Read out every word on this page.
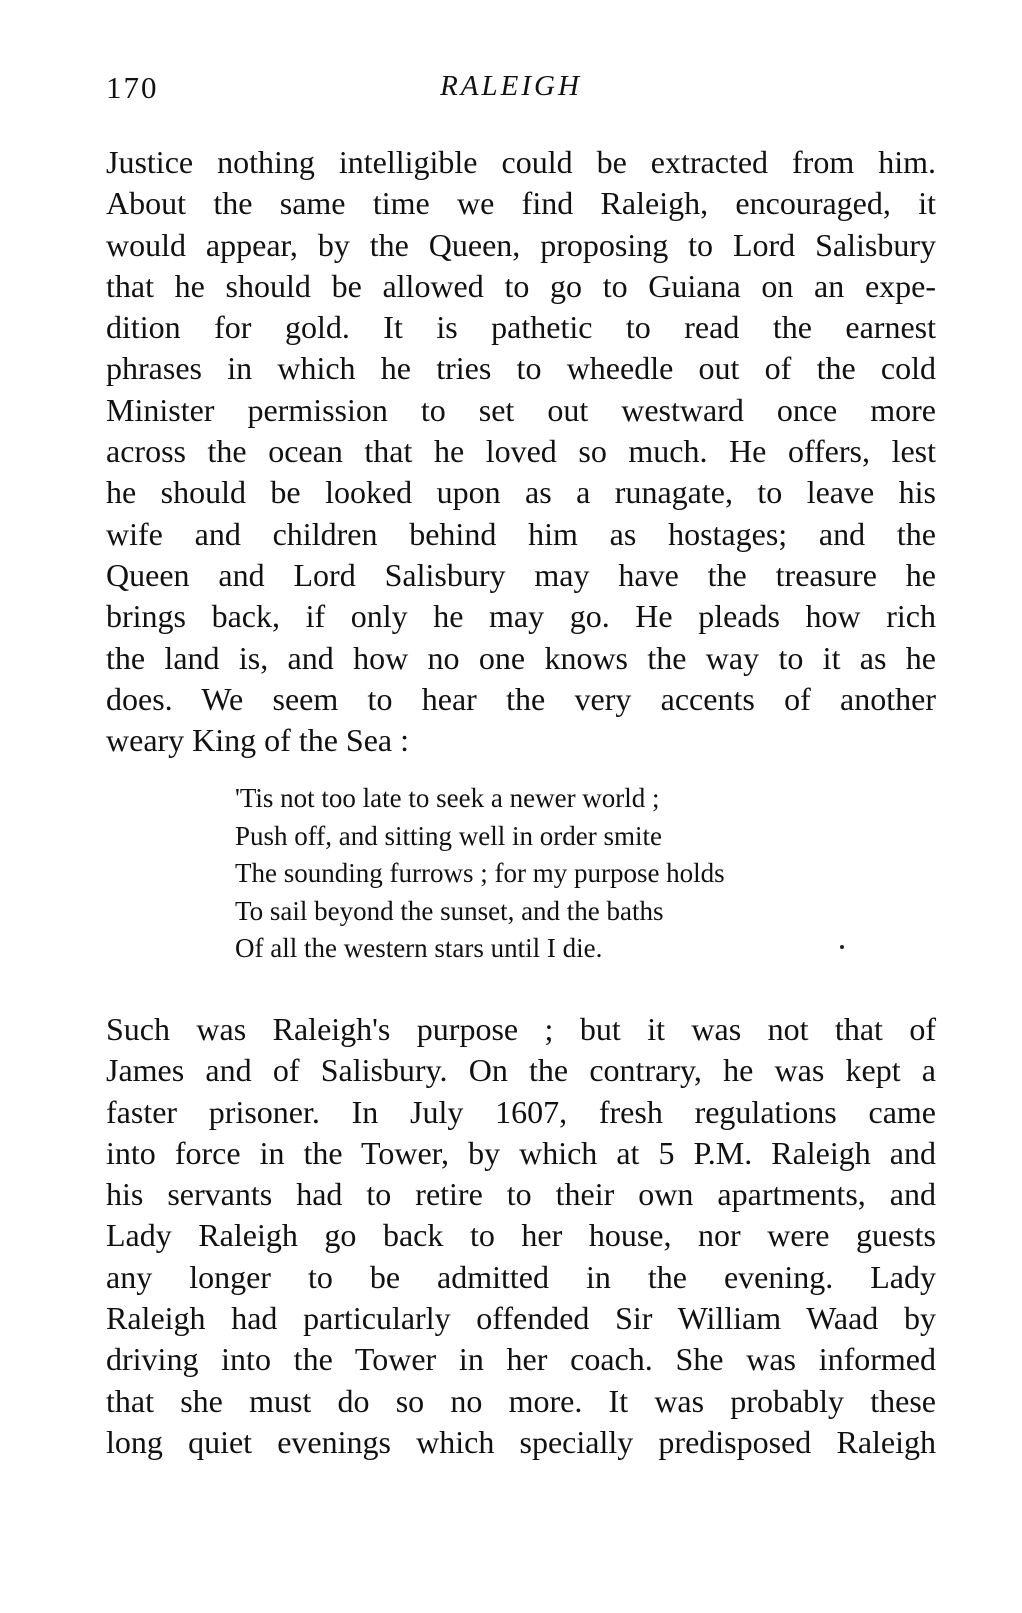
170	RALEIGH
Justice nothing intelligible could be extracted from him.
About the same time we find Raleigh, encouraged, it
would appear, by the Queen, proposing to Lord Salisbury
that he should be allowed to go to Guiana on an expe-
dition for gold. It is pathetic to read the earnest
phrases in which he tries to wheedle out of the cold
Minister permission to set out westward once more
across the ocean that he loved so much. He offers, lest
he should be looked upon as a runagate, to leave his
wife and children behind him as hostages; and the
Queen and Lord Salisbury may have the treasure he
brings back, if only he may go. He pleads how rich
the land is, and how no one knows the way to it as he
does. We seem to hear the very accents of another
weary King of the Sea :
'Tis not too late to seek a newer world ;
Push off, and sitting well in order smite
The sounding furrows ; for my purpose holds
To sail beyond the sunset, and the baths
Of all the western stars until I die.
Such was Raleigh's purpose ; but it was not that of
James and of Salisbury. On the contrary, he was kept a
faster prisoner. In July 1607, fresh regulations came
into force in the Tower, by which at 5 P.M. Raleigh and
his servants had to retire to their own apartments, and
Lady Raleigh go back to her house, nor were guests
any longer to be admitted in the evening. Lady
Raleigh had particularly offended Sir William Waad by
driving into the Tower in her coach. She was informed
that she must do so no more. It was probably these
long quiet evenings which specially predisposed Raleigh
